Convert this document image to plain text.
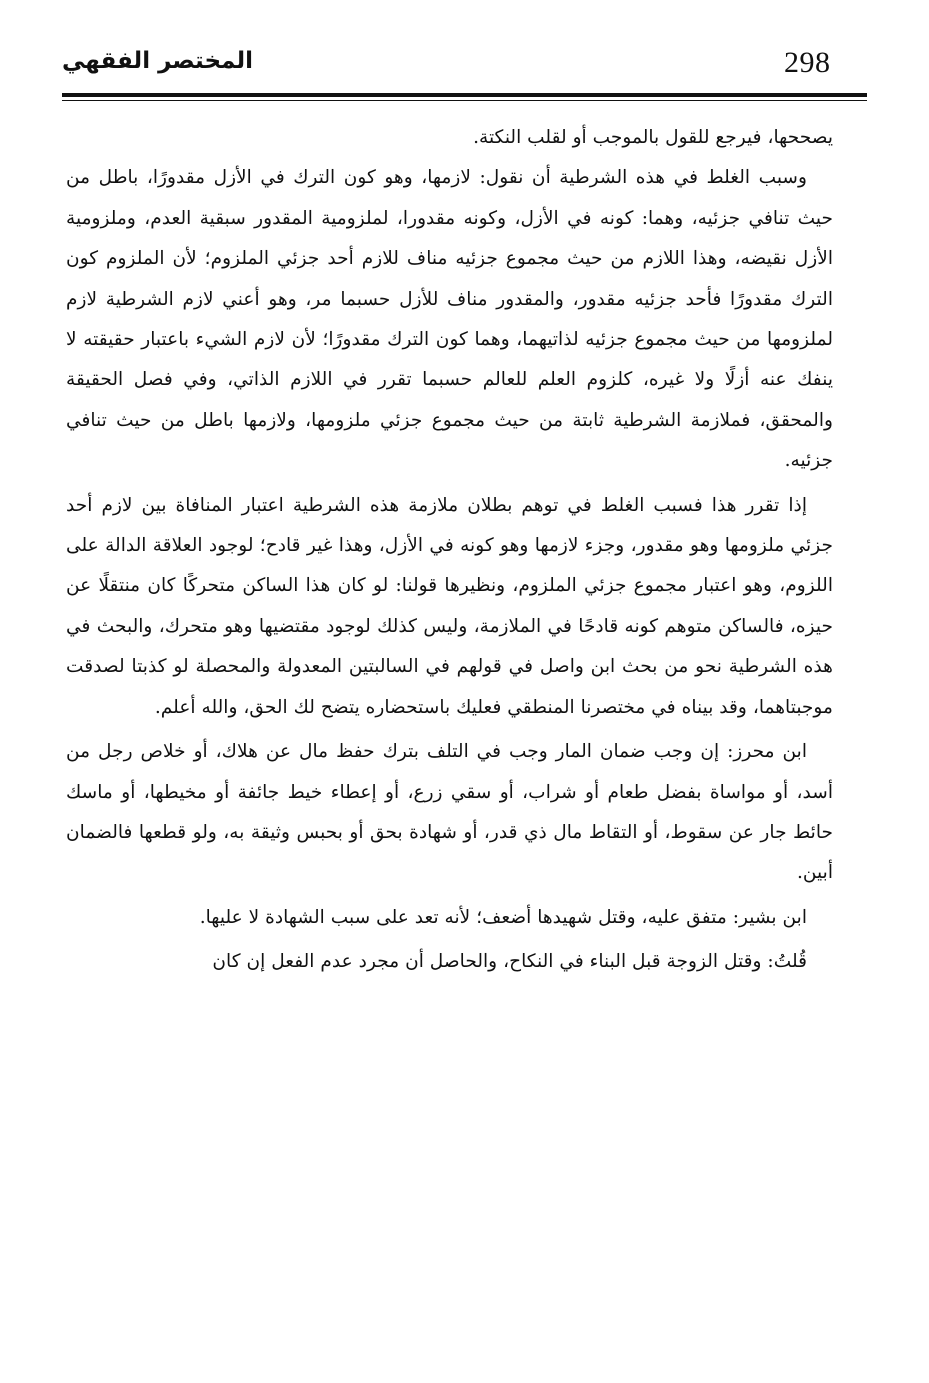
298
المختصر الفقهي

يصححها، فيرجع للقول بالموجب أو لقلب النكتة.

وسبب الغلط في هذه الشرطية أن نقول: لازمها، وهو كون الترك في الأزل مقدورًا، باطل من حيث تنافي جزئيه، وهما: كونه في الأزل، وكونه مقدورا، لملزومية المقدور سبقية العدم، وملزومية الأزل نقيضه، وهذا اللازم من حيث مجموع جزئيه مناف للازم أحد جزئي الملزوم؛ لأن الملزوم كون الترك مقدورًا فأحد جزئيه مقدور، والمقدور مناف للأزل حسبما مر، وهو أعني لازم الشرطية لازم لملزومها من حيث مجموع جزئيه لذاتيهما، وهما كون الترك مقدورًا؛ لأن لازم الشيء باعتبار حقيقته لا ينفك عنه أزلًا ولا غيره، كلزوم العلم للعالم حسبما تقرر في اللازم الذاتي، وفي فصل الحقيقة والمحقق، فملازمة الشرطية ثابتة من حيث مجموع جزئي ملزومها، ولازمها باطل من حيث تنافي جزئيه.

إذا تقرر هذا فسبب الغلط في توهم بطلان ملازمة هذه الشرطية اعتبار المنافاة بين لازم أحد جزئي ملزومها وهو مقدور، وجزء لازمها وهو كونه في الأزل، وهذا غير قادح؛ لوجود العلاقة الدالة على اللزوم، وهو اعتبار مجموع جزئي الملزوم، ونظيرها قولنا: لو كان هذا الساكن متحركًا كان منتقلًا عن حيزه، فالساكن متوهم كونه قادحًا في الملازمة، وليس كذلك لوجود مقتضيها وهو متحرك، والبحث في هذه الشرطية نحو من بحث ابن واصل في قولهم في السالبتين المعدولة والمحصلة لو كذبتا لصدقت موجبتاهما، وقد بيناه في مختصرنا المنطقي فعليك باستحضاره يتضح لك الحق، والله أعلم.

ابن محرز: إن وجب ضمان المار وجب في التلف بترك حفظ مال عن هلاك، أو خلاص رجل من أسد، أو مواساة بفضل طعام أو شراب، أو سقي زرع، أو إعطاء خيط جائفة أو مخيطها، أو ماسك حائط جار عن سقوط، أو التقاط مال ذي قدر، أو شهادة بحق أو بحبس وثيقة به، ولو قطعها فالضمان أبين.

ابن بشير: متفق عليه، وقتل شهيدها أضعف؛ لأنه تعد على سبب الشهادة لا عليها.

قُلتُ: وقتل الزوجة قبل البناء في النكاح، والحاصل أن مجرد عدم الفعل إن كان
